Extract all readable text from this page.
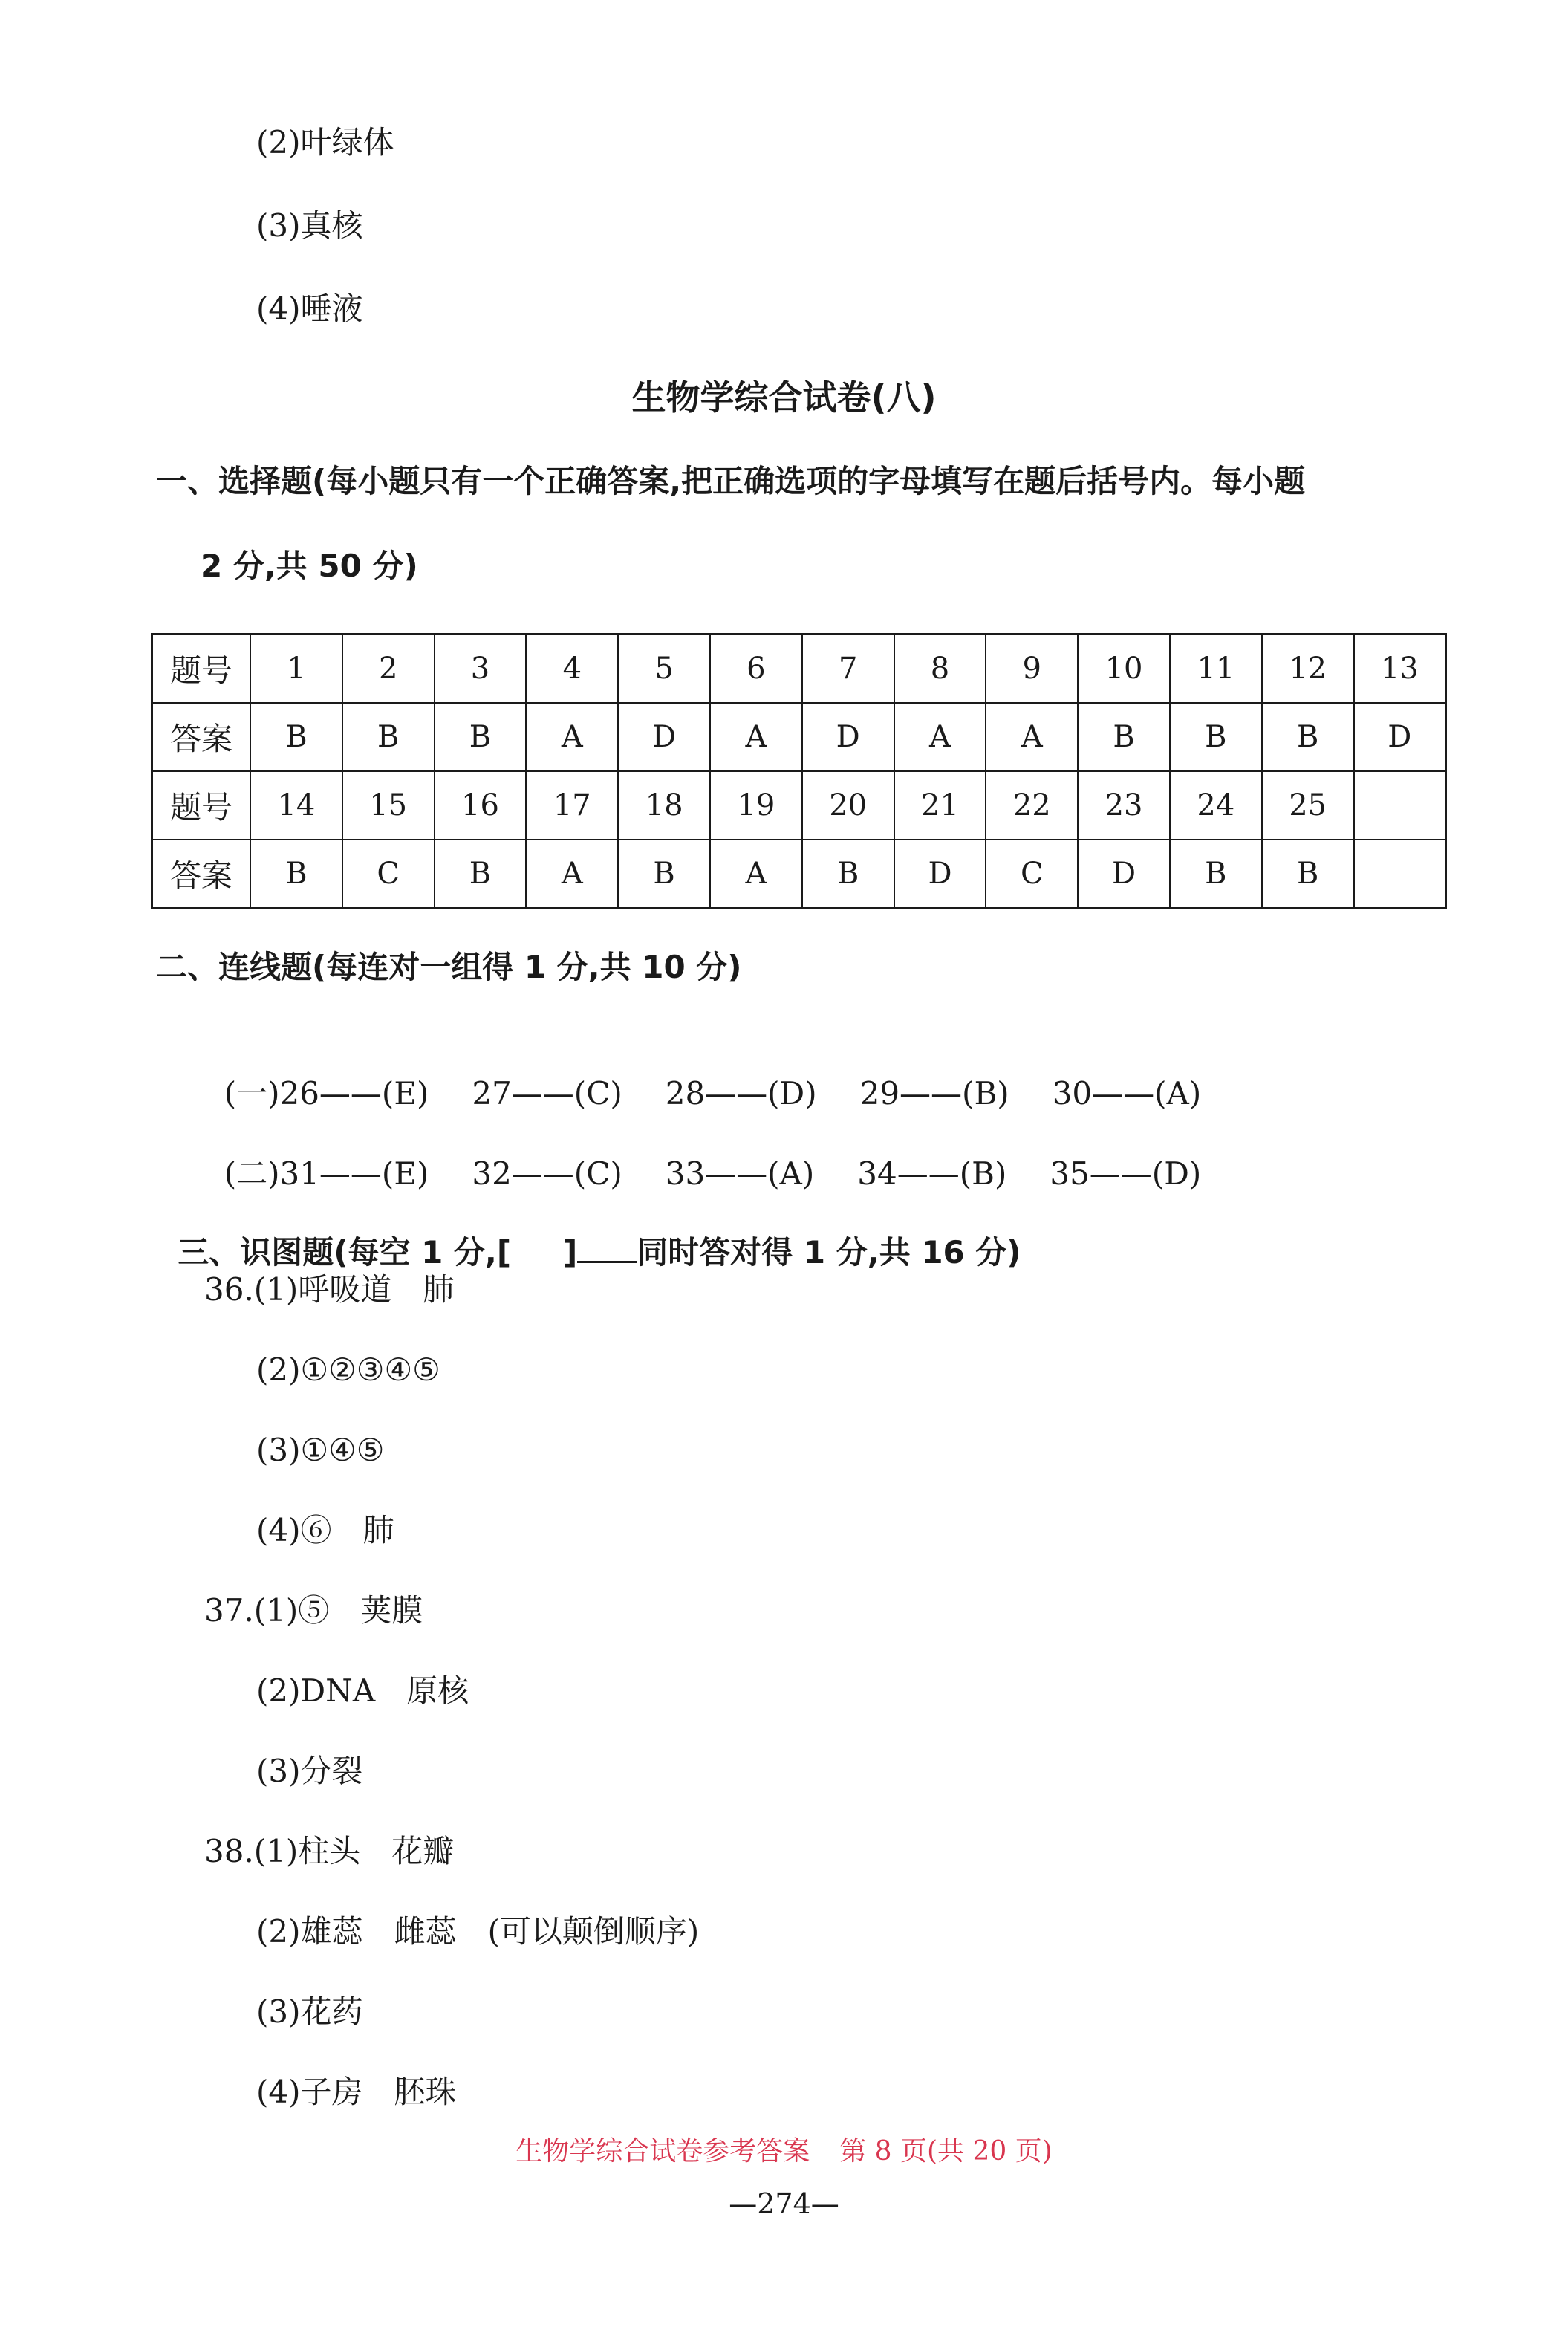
(2)叶绿体
(3)真核
(4)唾液
生物学综合试卷(八)
一、选择题(每小题只有一个正确答案,把正确选项的字母填写在题后括号内。每小题
2 分,共 50 分)
题号	1	2	3	4	5	6	7	8	9	10	11	12	13
答案	B	B	B	A	D	A	D	A	A	B	B	B	D
题号	14	15	16	17	18	19	20	21	22	23	24	25	
答案	B	C	B	A	B	A	B	D	C	D	B	B	
二、连线题(每连对一组得 1 分,共 10 分)

(一)26——(E) 27——(C) 28——(D) 29——(B) 30——(A)

(二)31——(E) 32——(C) 33——(A) 34——(B) 35——(D)

三、识图题(每空 1 分,[ ] 同时答对得 1 分,共 16 分)

36.(1)呼吸道　肺
(2)①②③④⑤
(3)①④⑤
(4)⑥　肺
37.(1)⑤　荚膜
(2)DNA　原核
(3)分裂
38.(1)柱头　花瓣
(2)雄蕊　雌蕊　(可以颠倒顺序)
(3)花药
(4)子房　胚珠
生物学综合试卷参考答案 第 8 页(共 20 页)
—274—
